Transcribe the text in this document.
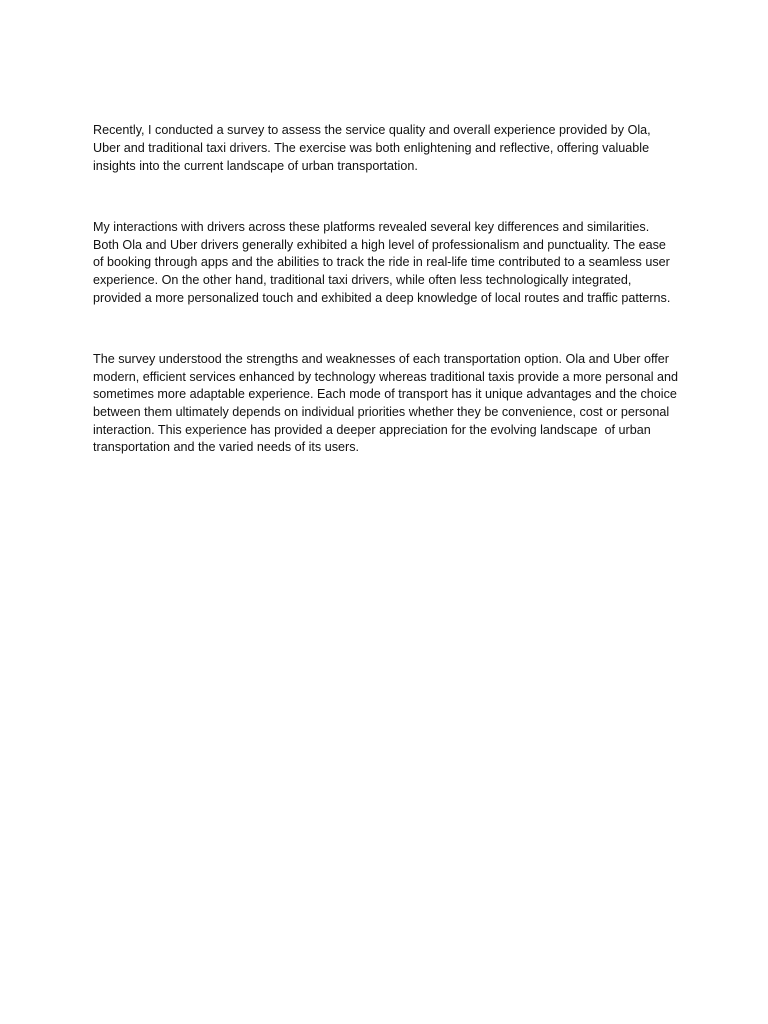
Recently, I conducted a survey to assess the service quality and overall experience provided by Ola, Uber and traditional taxi drivers. The exercise was both enlightening and reflective, offering valuable insights into the current landscape of urban transportation.

My interactions with drivers across these platforms revealed several key differences and similarities. Both Ola and Uber drivers generally exhibited a high level of professionalism and punctuality. The ease of booking through apps and the abilities to track the ride in real-life time contributed to a seamless user experience. On the other hand, traditional taxi drivers, while often less technologically integrated, provided a more personalized touch and exhibited a deep knowledge of local routes and traffic patterns.

The survey understood the strengths and weaknesses of each transportation option. Ola and Uber offer modern, efficient services enhanced by technology whereas traditional taxis provide a more personal and sometimes more adaptable experience. Each mode of transport has it unique advantages and the choice between them ultimately depends on individual priorities whether they be convenience, cost or personal interaction. This experience has provided a deeper appreciation for the evolving landscape  of urban transportation and the varied needs of its users.
